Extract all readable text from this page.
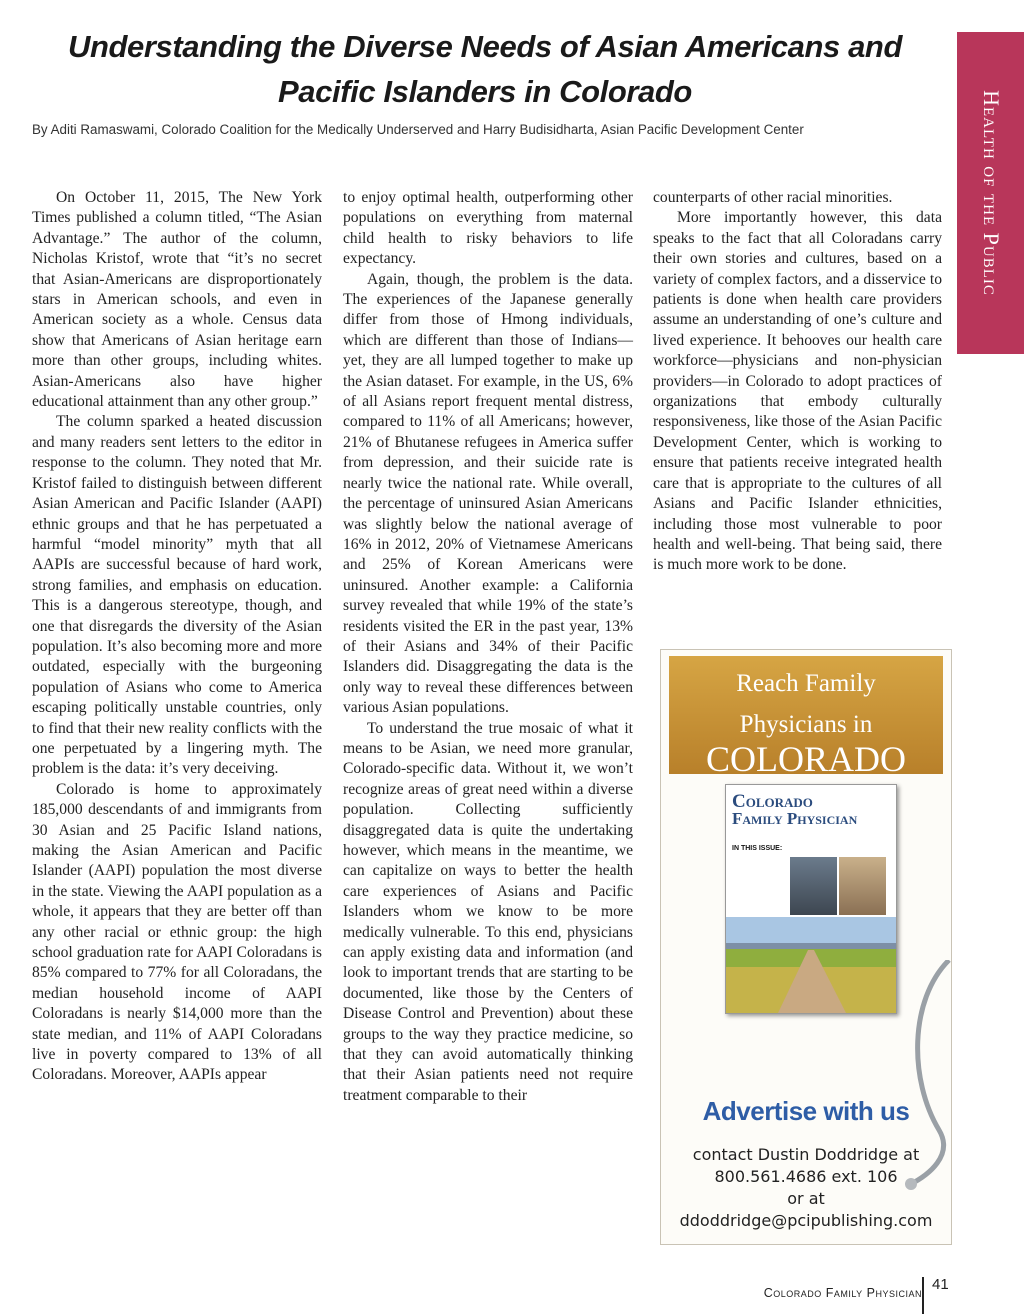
Understanding the Diverse Needs of Asian Americans and Pacific Islanders in Colorado

By Aditi Ramaswami, Colorado Coalition for the Medically Underserved and Harry Budisidharta, Asian Pacific Development Center	Health of the Public

On October 11, 2015, The New York Times published a column titled, “The Asian Advantage.” The author of the column, Nicholas Kristof, wrote that “it’s no secret that Asian-Americans are disproportionately stars in American schools, and even in American society as a whole. Census data show that Americans of Asian heritage earn more than other groups, including whites. Asian-Americans also have higher educational attainment than any other group.”

The column sparked a heated discussion and many readers sent letters to the editor in response to the column. They noted that Mr. Kristof failed to distinguish between different Asian American and Pacific Islander (AAPI) ethnic groups and that he has perpetuated a harmful “model minority” myth that all AAPIs are successful because of hard work, strong families, and emphasis on education. This is a dangerous stereotype, though, and one that disregards the diversity of the Asian population. It’s also becoming more and more outdated, especially with the burgeoning population of Asians who come to America escaping politically unstable countries, only to find that their new reality conflicts with the one perpetuated by a lingering myth. The problem is the data: it’s very deceiving.

Colorado is home to approximately 185,000 descendants of and immigrants from 30 Asian and 25 Pacific Island nations, making the Asian American and Pacific Islander (AAPI) population the most diverse in the state. Viewing the AAPI population as a whole, it appears that they are better off than any other racial or ethnic group: the high school graduation rate for AAPI Coloradans is 85% compared to 77% for all Coloradans, the median household income of AAPI Coloradans is nearly $14,000 more than the state median, and 11% of AAPI Coloradans live in poverty compared to 13% of all Coloradans. Moreover, AAPIs appear

to enjoy optimal health, outperforming other populations on everything from maternal child health to risky behaviors to life expectancy.

Again, though, the problem is the data. The experiences of the Japanese generally differ from those of Hmong individuals, which are different than those of Indians—yet, they are all lumped together to make up the Asian dataset. For example, in the US, 6% of all Asians report frequent mental distress, compared to 11% of all Americans; however, 21% of Bhutanese refugees in America suffer from depression, and their suicide rate is nearly twice the national rate. While overall, the percentage of uninsured Asian Americans was slightly below the national average of 16% in 2012, 20% of Vietnamese Americans and 25% of Korean Americans were uninsured. Another example: a California survey revealed that while 19% of the state’s residents visited the ER in the past year, 13% of their Asians and 34% of their Pacific Islanders did. Disaggregating the data is the only way to reveal these differences between various Asian populations.

To understand the true mosaic of what it means to be Asian, we need more granular, Colorado-specific data. Without it, we won’t recognize areas of great need within a diverse population. Collecting sufficiently disaggregated data is quite the undertaking however, which means in the meantime, we can capitalize on ways to better the health care experiences of Asians and Pacific Islanders whom we know to be more medically vulnerable. To this end, physicians can apply existing data and information (and look to important trends that are starting to be documented, like those by the Centers of Disease Control and Prevention) about these groups to the way they practice medicine, so that they can avoid automatically thinking that their Asian patients need not require treatment comparable to their

counterparts of other racial minorities.

More importantly however, this data speaks to the fact that all Coloradans carry their own stories and cultures, based on a variety of complex factors, and a disservice to patients is done when health care providers assume an understanding of one’s culture and lived experience. It behooves our health care workforce—physicians and non-physician providers—in Colorado to adopt practices of organizations that embody culturally responsiveness, like those of the Asian Pacific Development Center, which is working to ensure that patients receive integrated health care that is appropriate to the cultures of all Asians and Pacific Islander ethnicities, including those most vulnerable to poor health and well-being. That being said, there is much more work to be done.

Reach Family
Physicians in
COLORADO
Colorado
Family Physician
IN THIS ISSUE:
Advertise with us
contact Dustin Doddridge at
800.561.4686 ext. 106
or at
ddoddridge@pcipublishing.com
Colorado Family Physician 41
